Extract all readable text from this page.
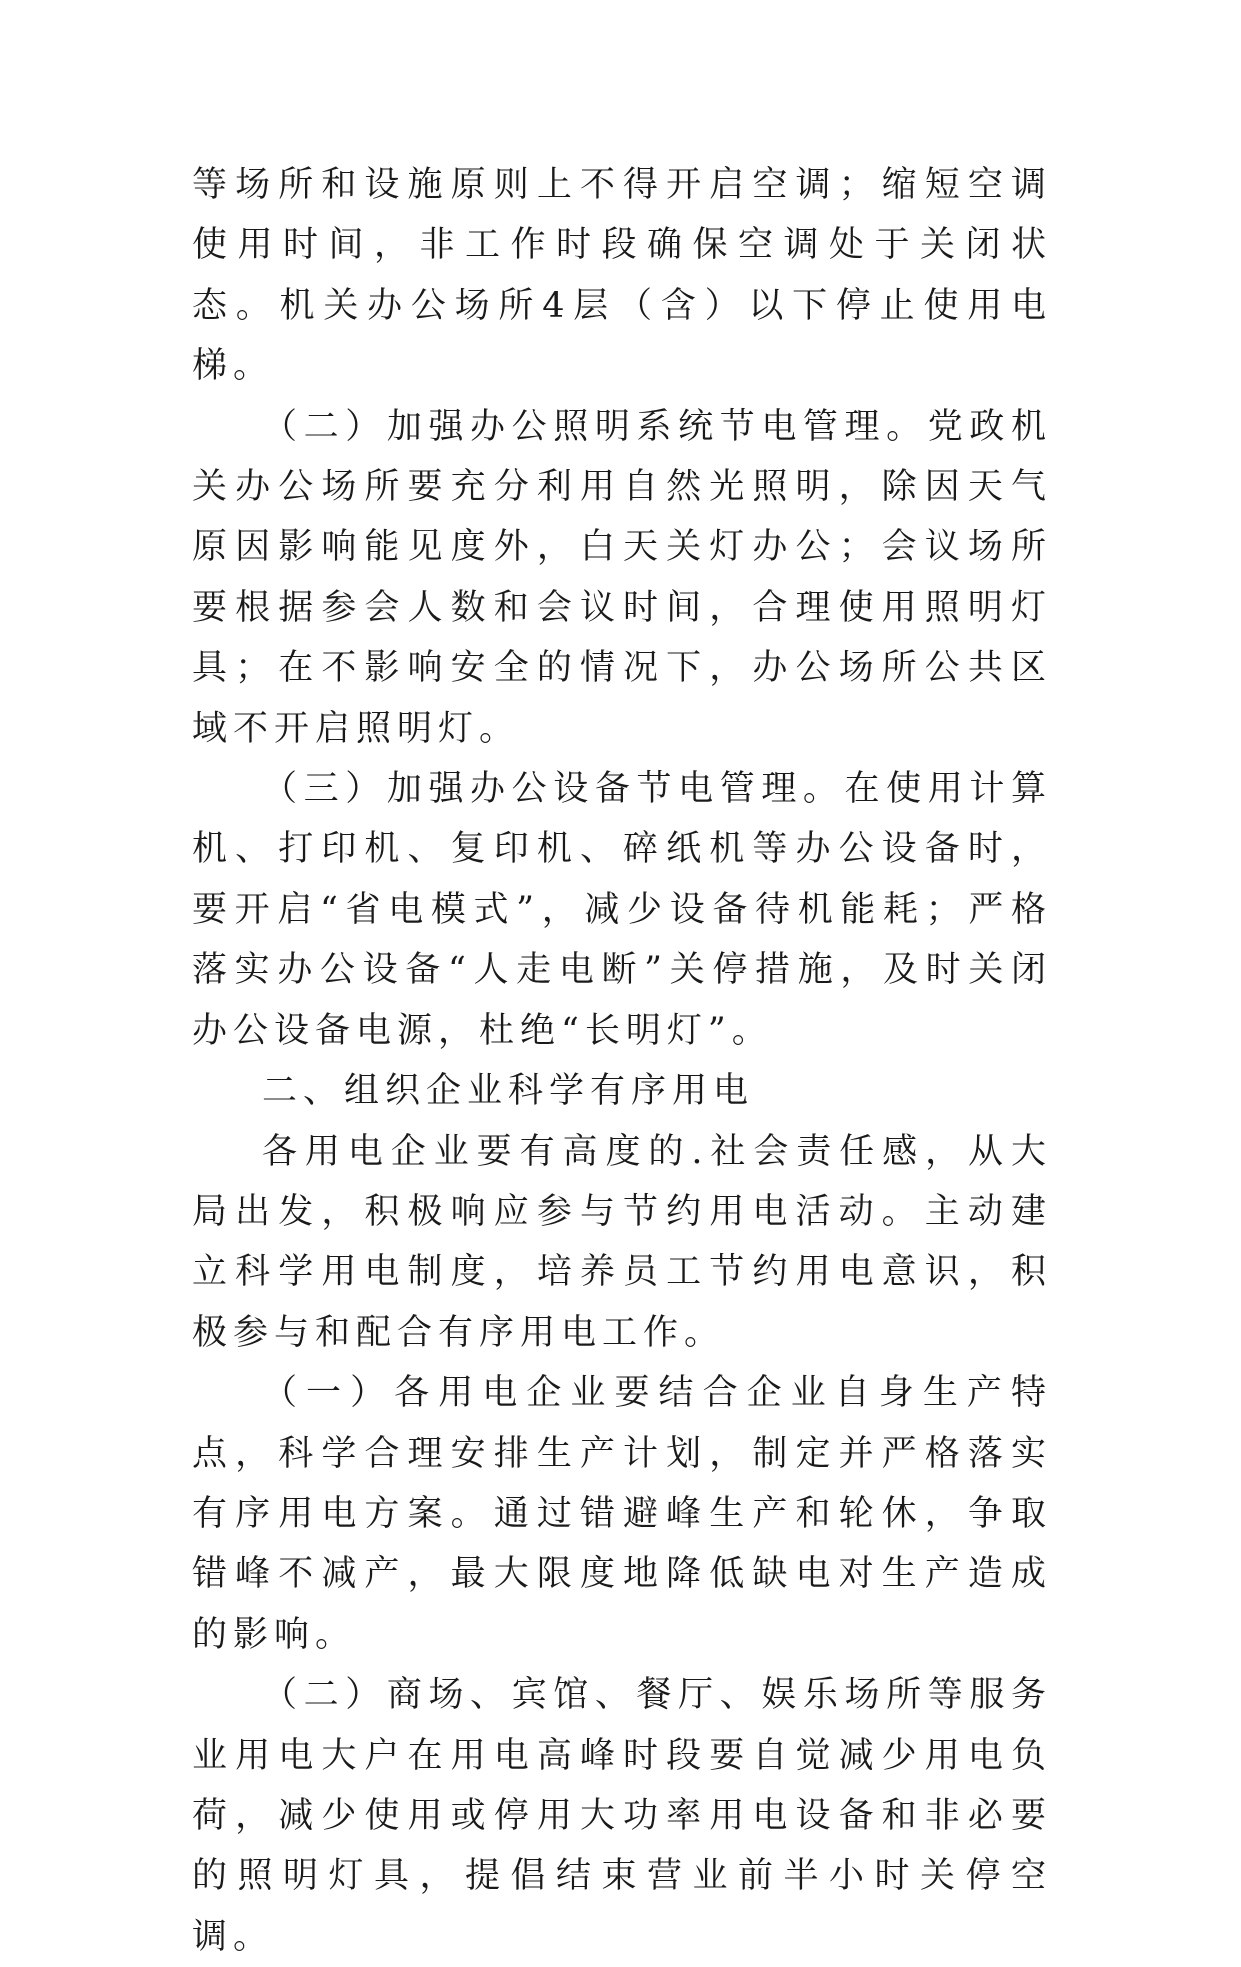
等场所和设施原则上不得开启空调；缩短空调使用时间，非工作时段确保空调处于关闭状态。机关办公场所4层（含）以下停止使用电梯。

（二）加强办公照明系统节电管理。党政机关办公场所要充分利用自然光照明，除因天气原因影响能见度外，白天关灯办公；会议场所要根据参会人数和会议时间，合理使用照明灯具；在不影响安全的情况下，办公场所公共区域不开启照明灯。

（三）加强办公设备节电管理。在使用计算机、打印机、复印机、碎纸机等办公设备时，要开启“省电模式”，减少设备待机能耗；严格落实办公设备“人走电断”关停措施，及时关闭办公设备电源，杜绝“长明灯”。

二、组织企业科学有序用电

各用电企业要有高度的.社会责任感，从大局出发，积极响应参与节约用电活动。主动建立科学用电制度，培养员工节约用电意识，积极参与和配合有序用电工作。

（一）各用电企业要结合企业自身生产特点，科学合理安排生产计划，制定并严格落实有序用电方案。通过错避峰生产和轮休，争取错峰不减产，最大限度地降低缺电对生产造成的影响。

（二）商场、宾馆、餐厅、娱乐场所等服务业用电大户在用电高峰时段要自觉减少用电负荷，减少使用或停用大功率用电设备和非必要的照明灯具，提倡结束营业前半小时关停空调。
